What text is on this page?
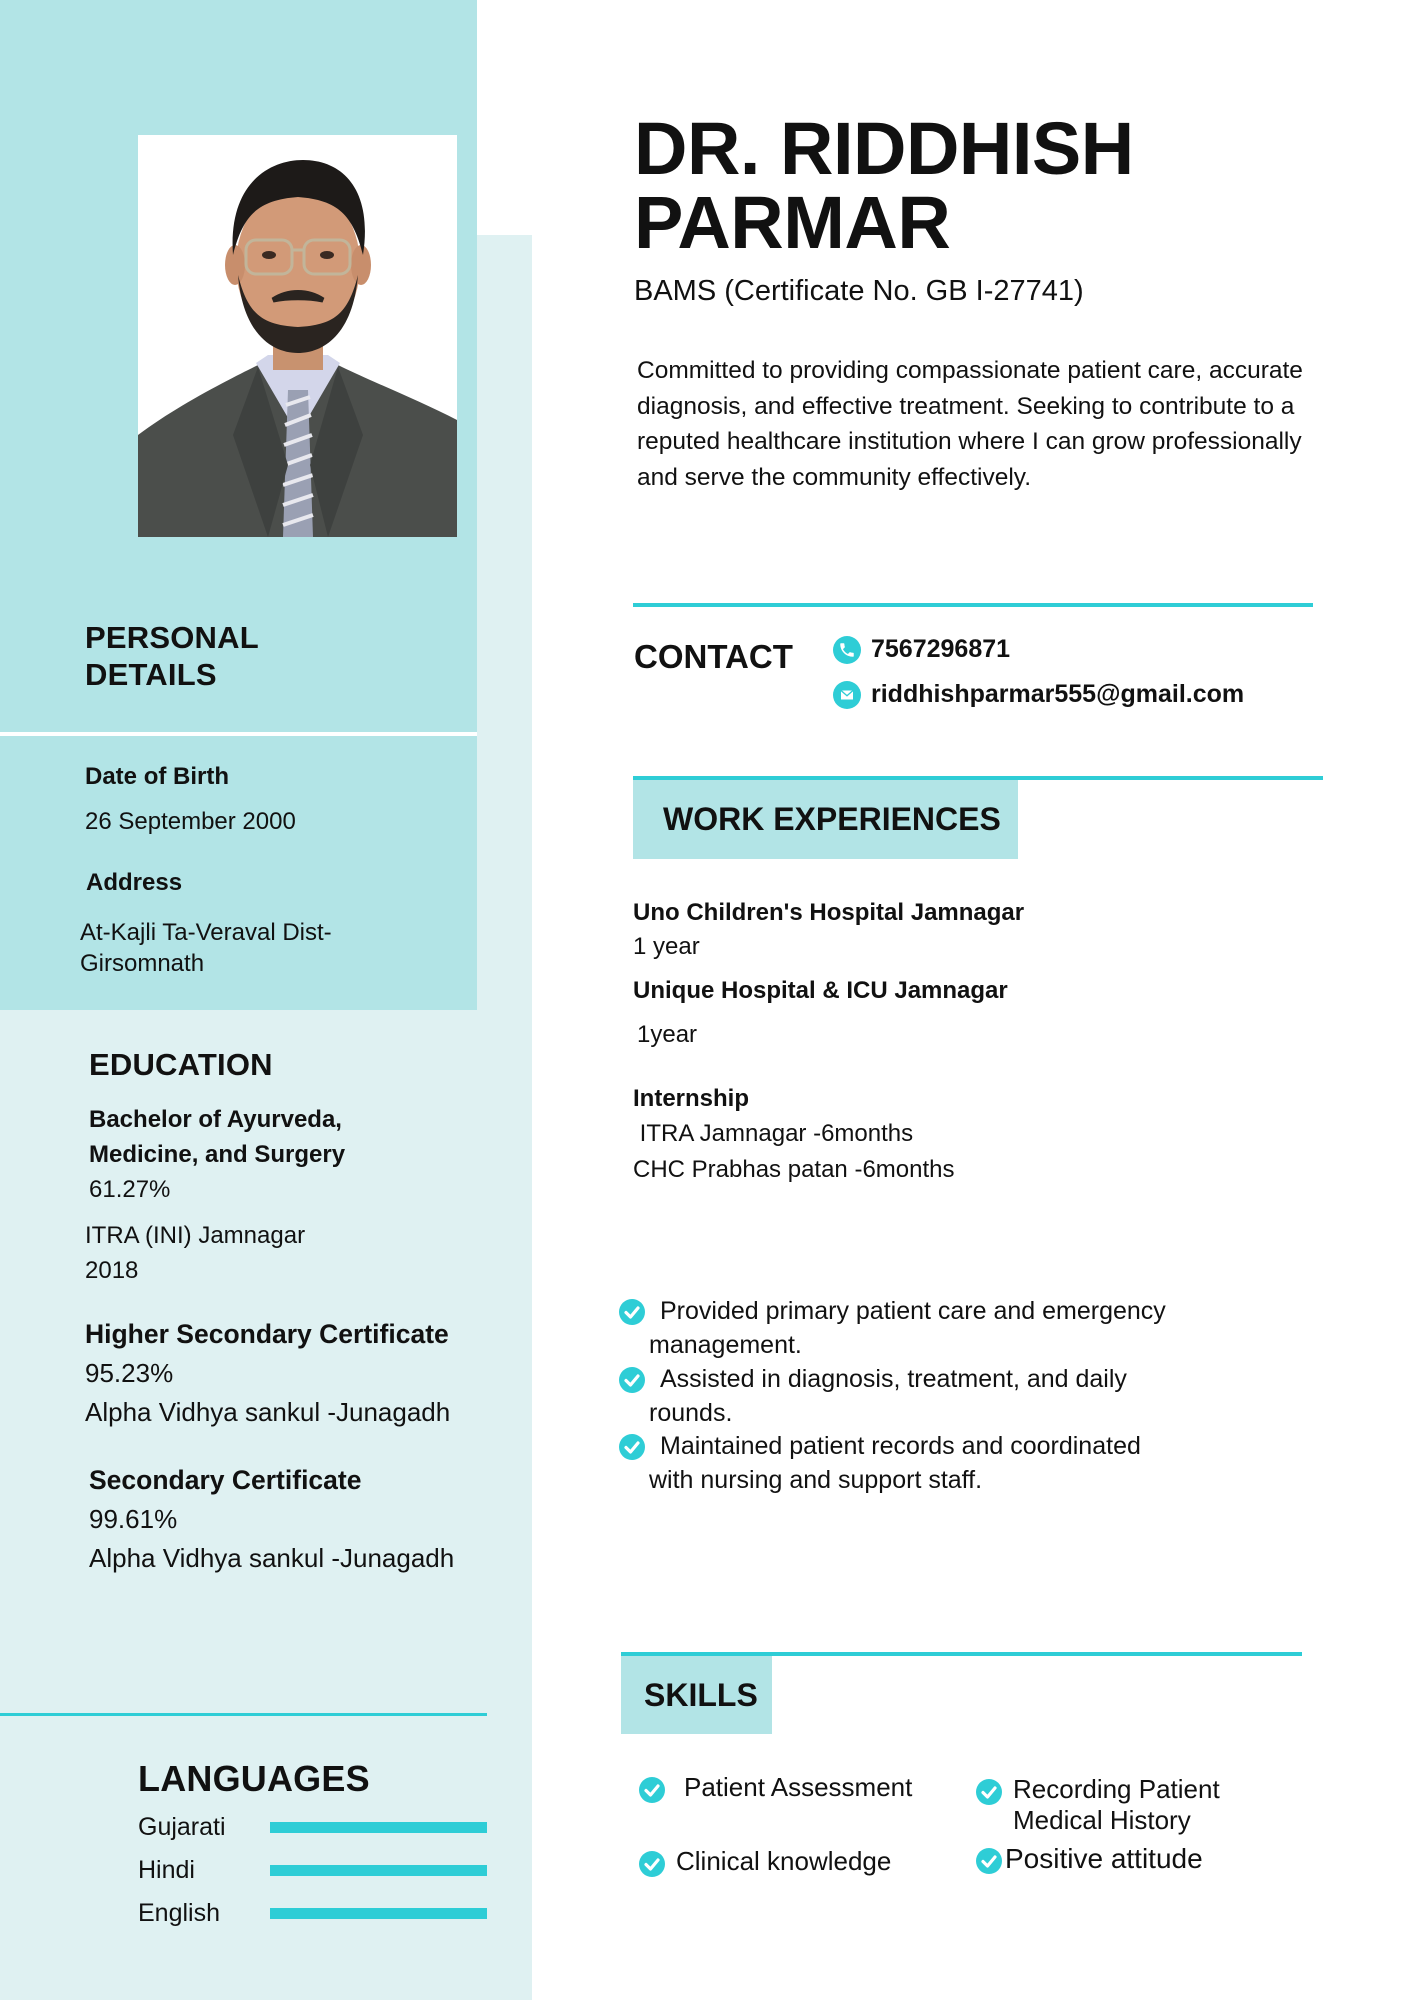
PERSONAL
DETAILS
Date of Birth
26 September 2000
Address
At-Kajli Ta-Veraval Dist-
Girsomnath
EDUCATION
Bachelor of Ayurveda,
Medicine, and Surgery
61.27%
ITRA (INI) Jamnagar
2018
Higher Secondary Certificate
95.23%
Alpha Vidhya sankul -Junagadh
Secondary Certificate
99.61%
Alpha Vidhya sankul -Junagadh
LANGUAGES
Gujarati
Hindi
English
DR. RIDDHISH
PARMAR
BAMS (Certificate No. GB I-27741)
Committed to providing compassionate patient care, accurate diagnosis, and effective treatment. Seeking to contribute to a reputed healthcare institution where I can grow professionally and serve the community effectively.
CONTACT	7567296871
riddhishparmar555@gmail.com
WORK EXPERIENCES
Uno Children's Hospital Jamnagar
1 year
Unique Hospital & ICU Jamnagar
1year
Internship
ITRA Jamnagar -6months
CHC Prabhas patan -6months
Provided primary patient care and emergency
management.
Assisted in diagnosis, treatment, and daily
rounds.
Maintained patient records and coordinated
with nursing and support staff.
SKILLS
Patient Assessment	Recording Patient
Medical History
Clinical knowledge	Positive attitude
